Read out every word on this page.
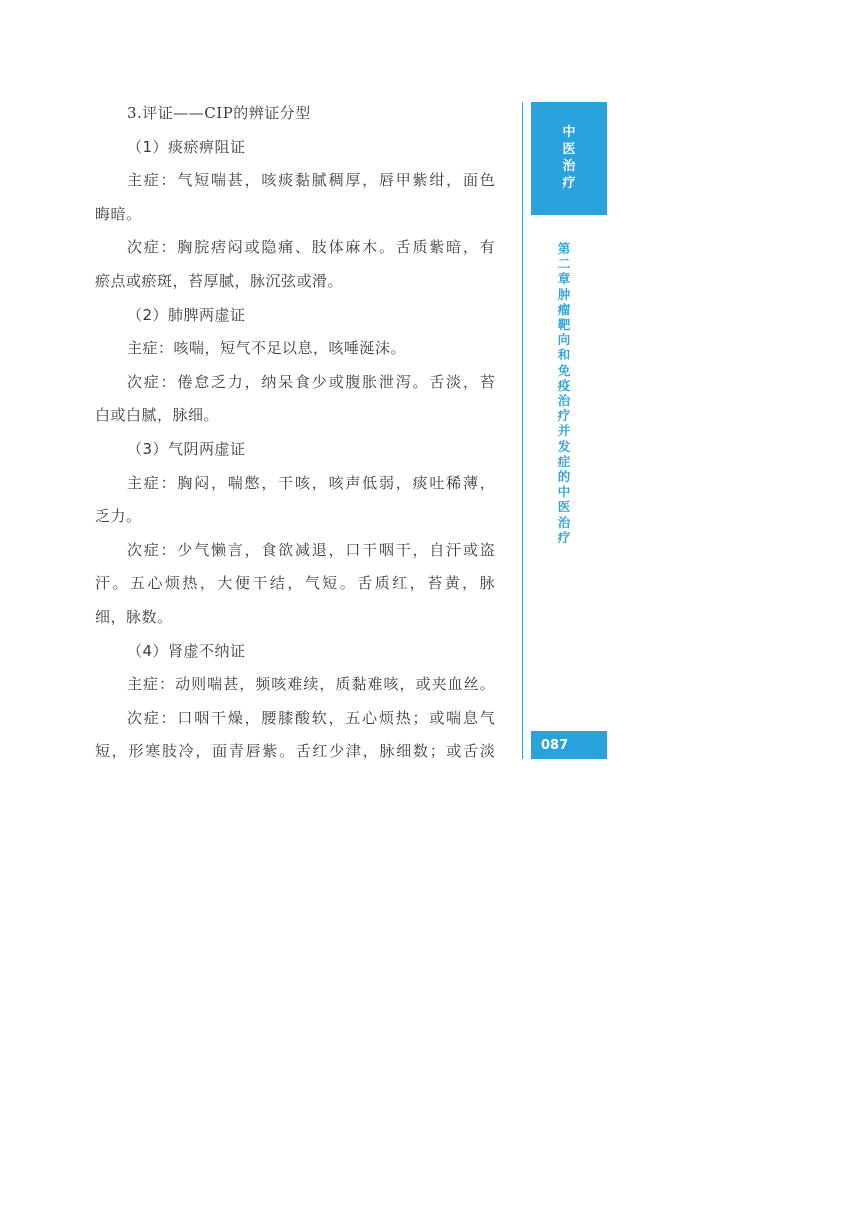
3.评证——CIP的辨证分型
（1）痰瘀痹阻证
主 症 ： 气 短 喘 甚 ， 咳 痰 黏 腻 稠 厚 ， 唇 甲 紫 绀 ， 面 色
晦暗。
次 症 ： 胸 脘 痞 闷 或 隐 痛 、 肢 体 麻 木 。 舌 质 紫 暗 ， 有
瘀点或瘀斑，苔厚腻，脉沉弦或滑。
（2）肺脾两虚证
主症：咳喘，短气不足以息，咳唾涎沫。
次 症 ： 倦 怠 乏 力 ， 纳 呆 食 少 或 腹 胀 泄 泻 。 舌 淡 ， 苔
白或白腻，脉细。
（3）气阴两虚证
主 症 ： 胸 闷 ， 喘 憋 ， 干 咳 ， 咳 声 低 弱 ， 痰 吐 稀 薄 ，
乏力。
次 症 ： 少 气 懒 言 ， 食 欲 减 退 ， 口 干 咽 干 ， 自 汗 或 盗
汗 。 五 心 烦 热 ， 大 便 干 结 ， 气 短 。 舌 质 红 ， 苔 黄 ， 脉
细，脉数。
（4）肾虚不纳证
主 症 ： 动 则 喘 甚 ， 频 咳 难 续 ， 质 黏 难 咳 ， 或 夹 血 丝 。
次 症 ： 口 咽 干 燥 ， 腰 膝 酸 软 ， 五 心 烦 热 ； 或 喘 息 气
短 ， 形 寒 肢 冷 ， 面 青 唇 紫 。 舌 红 少 津 ， 脉 细 数 ； 或 舌 淡
中医治疗
第二章　肿瘤靶向和免疫治疗并发症的中医治疗
087
